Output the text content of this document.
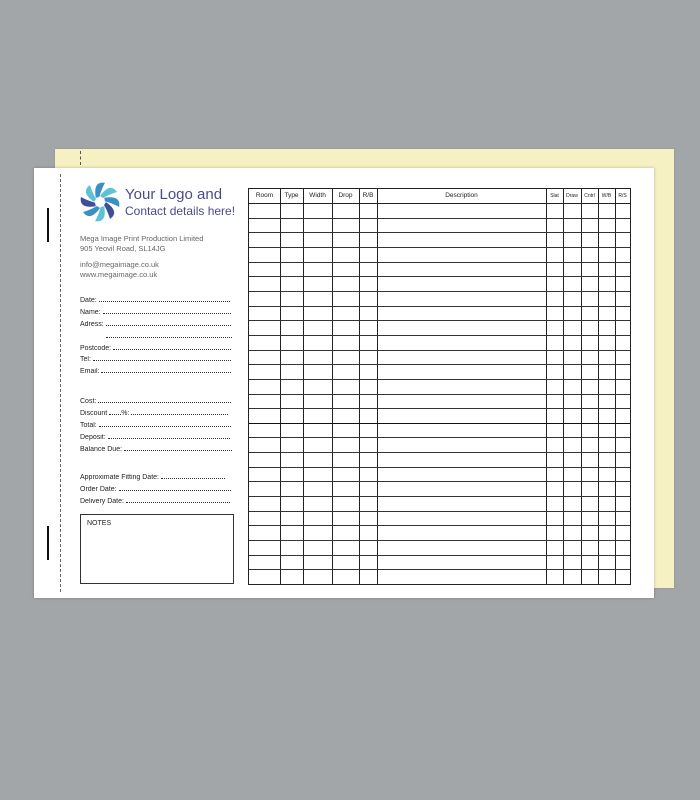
Your Logo and
Contact details here!
Mega Image Print Production Limited
905 Yeovil Road, SL14JG
info@megaimage.co.uk
www.megaimage.co.uk
Date:
Name:
Adress:
Postcode:
Tel:
Email:
Cost:
Discount %:
Total:
Deposit:
Balance Due:
Approximate Fitting Date:
Order Date:
Delivery Date:
NOTES
Room	Type	Width	Drop	R/B	Description	Slat	Draw	Cntrl	W/B	R/S
